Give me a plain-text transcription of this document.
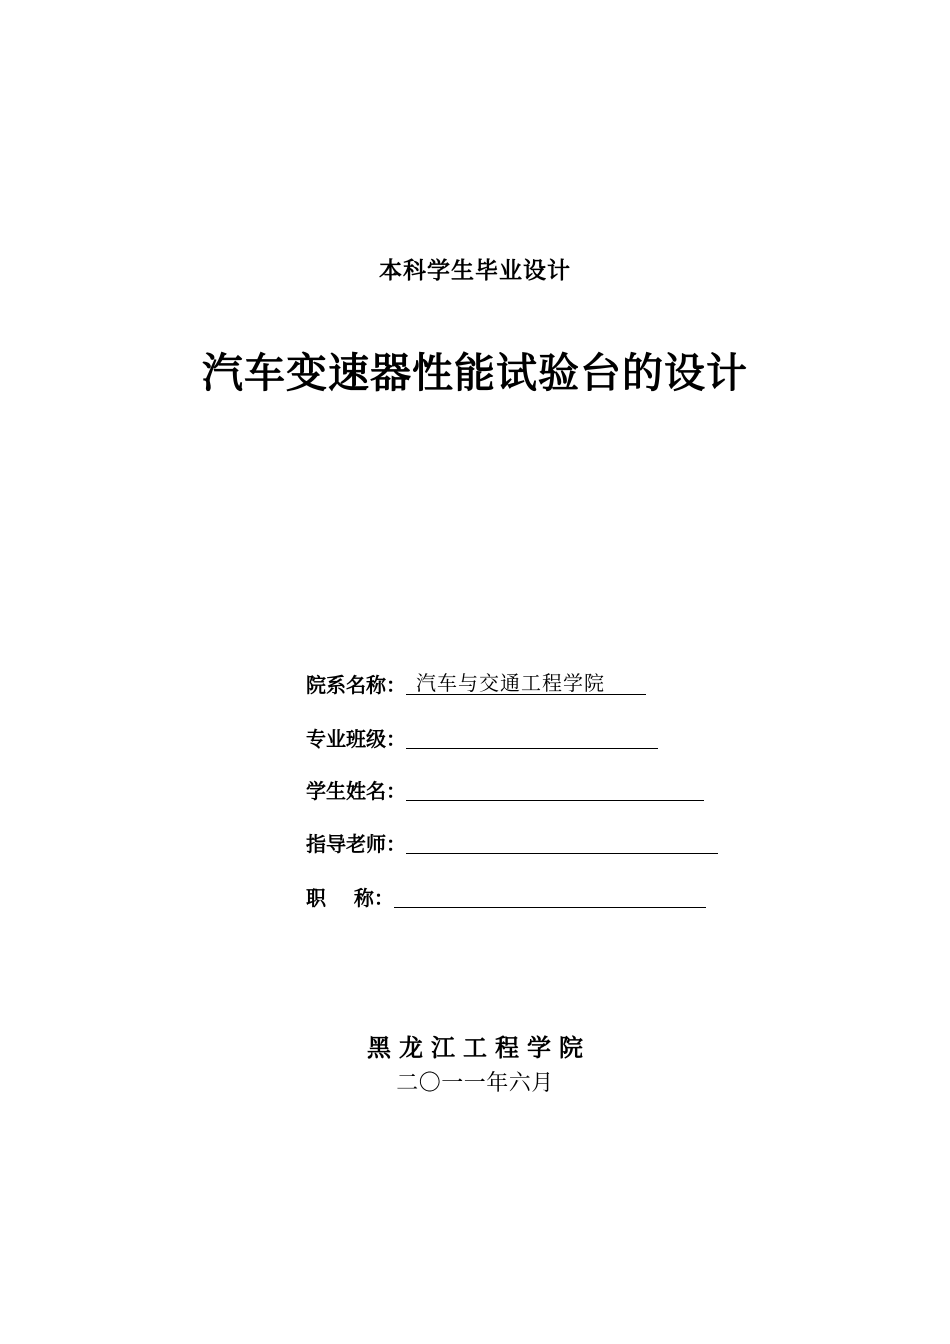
本科学生毕业设计
汽车变速器性能试验台的设计
院系名称： 汽车与交通工程学院
专业班级：
学生姓名：
指导老师：
职    称：
黑龙江工程学院
二〇一一年六月
